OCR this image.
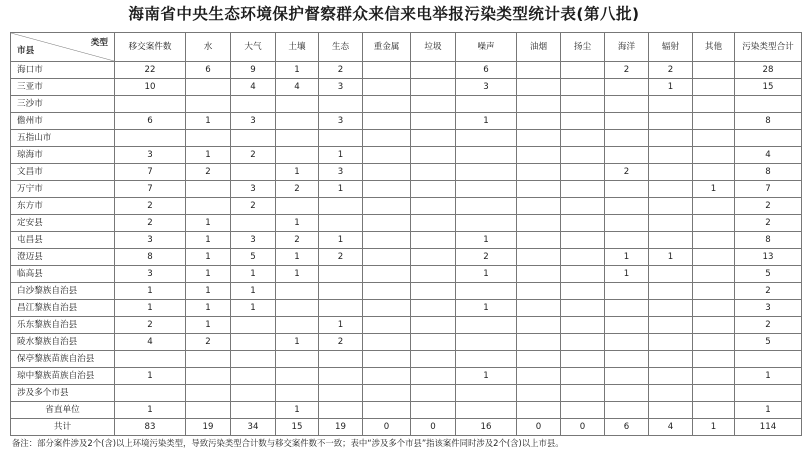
海南省中央生态环境保护督察群众来信来电举报污染类型统计表(第八批)
类型
市县	移交案件数	水	大气	土壤	生态	重金属	垃圾	噪声	油烟	扬尘	海洋	辐射	其他	污染类型合计
海口市	22	6	9	1	2			6			2	2		28
三亚市	10		4	4	3			3				1		15
三沙市														
儋州市	6	1	3		3			1						8
五指山市														
琼海市	3	1	2		1									4
文昌市	7	2		1	3						2			8
万宁市	7		3	2	1								1	7
东方市	2		2											2
定安县	2	1		1										2
屯昌县	3	1	3	2	1			1						8
澄迈县	8	1	5	1	2			2			1	1		13
临高县	3	1	1	1				1			1			5
白沙黎族自治县	1	1	1											2
昌江黎族自治县	1	1	1					1						3
乐东黎族自治县	2	1			1									2
陵水黎族自治县	4	2		1	2									5
保亭黎族苗族自治县														
琼中黎族苗族自治县	1							1						1
涉及多个市县														
省直单位	1			1										1
共计	83	19	34	15	19	0	0	16	0	0	6	4	1	114
备注：部分案件涉及2个(含)以上环境污染类型，导致污染类型合计数与移交案件数不一致；表中“涉及多个市县”指该案件同时涉及2个(含)以上市县。
